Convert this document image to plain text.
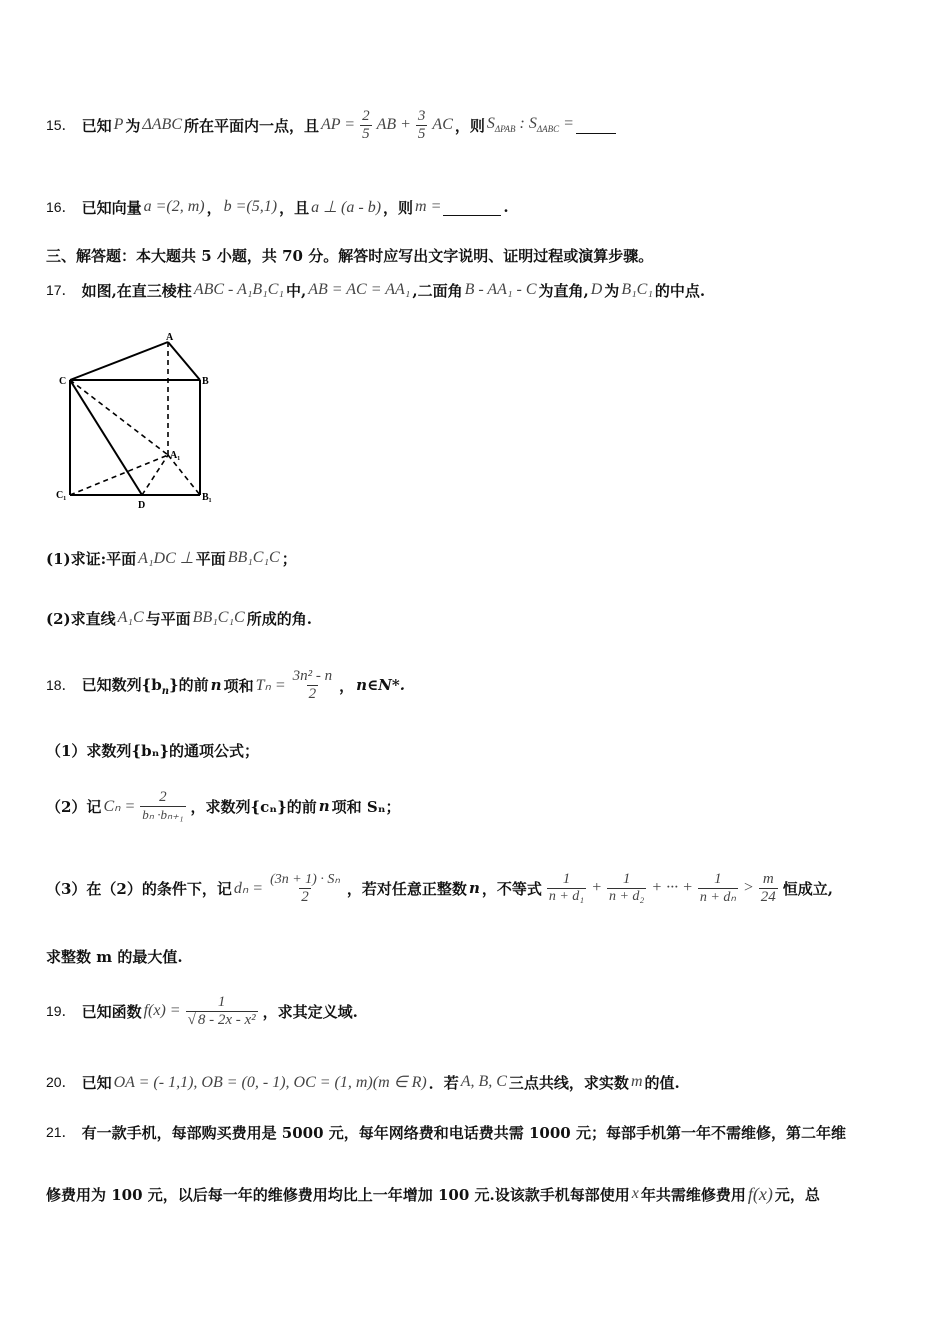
15． 已知 P 为 ΔABC 所在平面内一点，且 AP = $\frac{2}{5}$ AB + $\frac{3}{5}$ AC ，则 $S_{\Delta PAB}$ : $S_{\Delta ABC}$ =
16． 已知向量 a =(2, m) ， b =(5,1) ，且 a ⊥ (a - b) ，则 m =	.
三、解答题：本大题共 5 小题，共 70 分。解答时应写出文字说明、证明过程或演算步骤。
17． 如图,在直三棱柱 ABC - A₁B₁C₁ 中, AB = AC = AA₁ ,二面角 B - AA₁ - C 为直角, D 为 B₁C₁ 的中点.
A
B
C
A₁
B₁
C₁
D
(1)求证:平面 A₁DC ⊥ 平面 BB₁C₁C ；
(2)求直线 A₁C 与平面 BB₁C₁C 所成的角.
18． 已知数列$\{b_n\}$的前 n 项和 $T_n = \frac{\text{3n² - n}}{2}$ ， n∈N*.
（1）求数列{bₙ}的通项公式；
（2）记 $C_n = \frac{2}{\text{bₙ ·bₙ₊₁}}$ ，求数列{cₙ}的前 n 项和 Sₙ；
（3）在（2）的条件下，记 $d_n = \frac{\text{(3n + 1) · Sₙ}}{2}$ ，若对任意正整数 n ，不等式 $\frac{1}{\text{n + d₁}} + \frac{1}{\text{n + d₂}}$ + ··· + $\frac{1}{\text{n + dₙ}} > \frac{m}{24}$ 恒成立,
求整数 m 的最大值.
19． 已知函数 $f(x) = \frac{1}{\text{√ 8 - 2x - x²}}$ ，求其定义域.
20． 已知 OA = (- 1,1), OB = (0, - 1), OC = (1, m)(m ∈ R) ．若 A, B, C 三点共线，求实数 m 的值.
21． 有一款手机，每部购买费用是 5000 元，每年网络费和电话费共需 1000 元；每部手机第一年不需维修，第二年维
修费用为 100 元，以后每一年的维修费用均比上一年增加 100 元.设该款手机每部使用 x 年共需维修费用 f(x) 元，总
